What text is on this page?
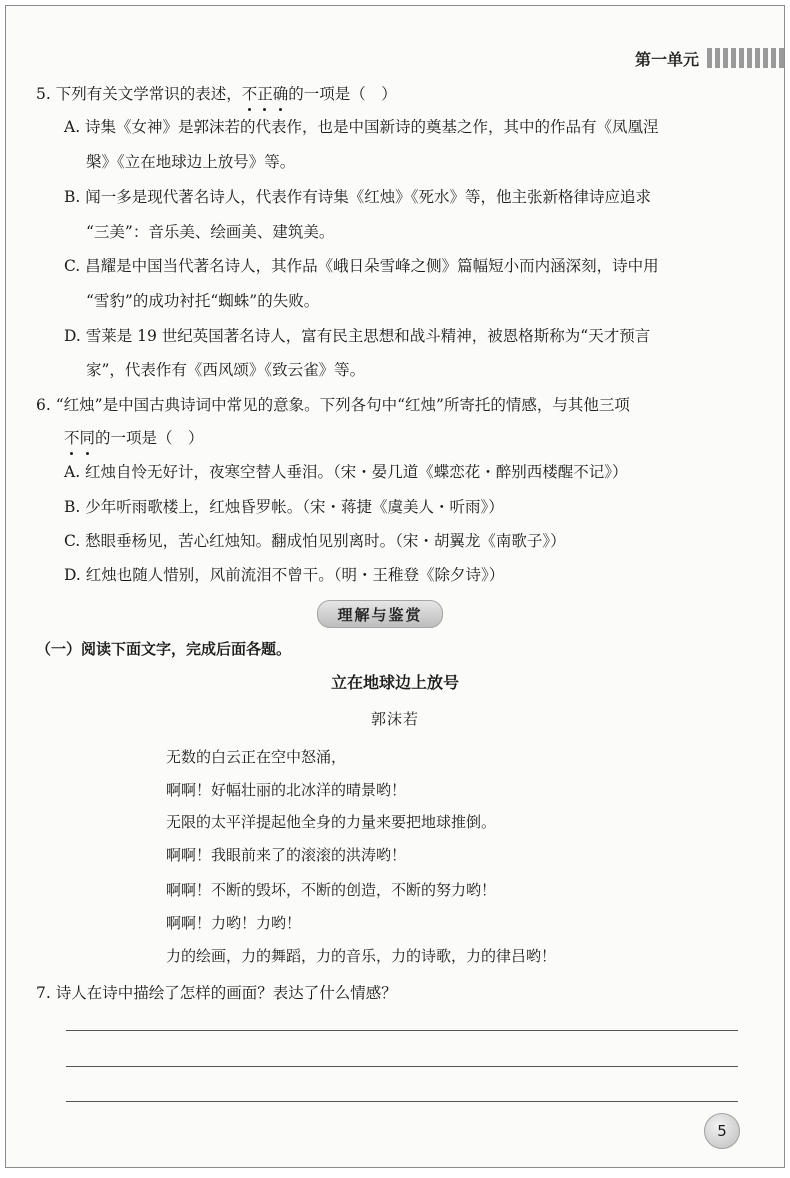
第一单元
5. 下列有关文学常识的表述，不正确的一项是（　）
A. 诗集《女神》是郭沫若的代表作，也是中国新诗的奠基之作，其中的作品有《凤凰涅
槃》《立在地球边上放号》等。
B. 闻一多是现代著名诗人，代表作有诗集《红烛》《死水》等，他主张新格律诗应追求
“三美”：音乐美、绘画美、建筑美。
C. 昌耀是中国当代著名诗人，其作品《峨日朵雪峰之侧》篇幅短小而内涵深刻，诗中用
“雪豹”的成功衬托“蜘蛛”的失败。
D. 雪莱是 19 世纪英国著名诗人，富有民主思想和战斗精神，被恩格斯称为“天才预言
家”，代表作有《西风颂》《致云雀》等。
6. “红烛”是中国古典诗词中常见的意象。下列各句中“红烛”所寄托的情感，与其他三项
不同的一项是（　）
A. 红烛自怜无好计，夜寒空替人垂泪。（宋・晏几道《蝶恋花・醉别西楼醒不记》）
B. 少年听雨歌楼上，红烛昏罗帐。（宋・蒋捷《虞美人・听雨》）
C. 愁眼垂杨见，苦心红烛知。翻成怕见别离时。（宋・胡翼龙《南歌子》）
D. 红烛也随人惜别，风前流泪不曾干。（明・王稚登《除夕诗》）
理解与鉴赏
（一）阅读下面文字，完成后面各题。
立在地球边上放号
郭沫若
无数的白云正在空中怒涌，
啊啊！好幅壮丽的北冰洋的晴景哟！
无限的太平洋提起他全身的力量来要把地球推倒。
啊啊！我眼前来了的滚滚的洪涛哟！
啊啊！不断的毁坏，不断的创造，不断的努力哟！
啊啊！力哟！力哟！
力的绘画，力的舞蹈，力的音乐，力的诗歌，力的律吕哟！
7. 诗人在诗中描绘了怎样的画面？表达了什么情感？
5
